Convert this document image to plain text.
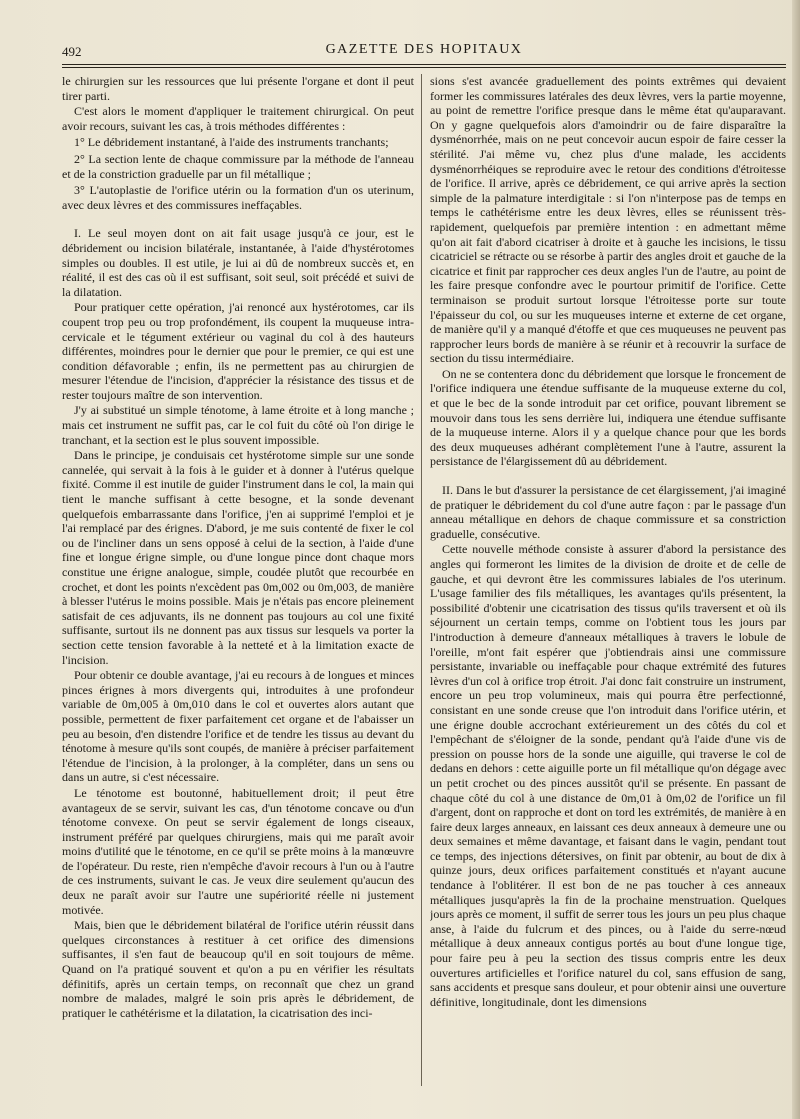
492	GAZETTE DES HOPITAUX

le chirurgien sur les ressources que lui présente l'organe et dont il peut tirer parti.

C'est alors le moment d'appliquer le traitement chirurgical. On peut avoir recours, suivant les cas, à trois méthodes différentes :

1° Le débridement instantané, à l'aide des instruments tranchants;

2° La section lente de chaque commissure par la méthode de l'anneau et de la constriction graduelle par un fil métallique ;

3° L'autoplastie de l'orifice utérin ou la formation d'un os uterinum, avec deux lèvres et des commissures ineffaçables.

I. Le seul moyen dont on ait fait usage jusqu'à ce jour, est le débridement ou incision bilatérale, instantanée, à l'aide d'hystérotomes simples ou doubles. Il est utile, je lui ai dû de nombreux succès et, en réalité, il est des cas où il est suffisant, soit seul, soit précédé et suivi de la dilatation.

Pour pratiquer cette opération, j'ai renoncé aux hystérotomes, car ils coupent trop peu ou trop profondément, ils coupent la muqueuse intra-cervicale et le tégument extérieur ou vaginal du col à des hauteurs différentes, moindres pour le dernier que pour le premier, ce qui est une condition défavorable ; enfin, ils ne permettent pas au chirurgien de mesurer l'étendue de l'incision, d'apprécier la résistance des tissus et de rester toujours maître de son intervention.

J'y ai substitué un simple ténotome, à lame étroite et à long manche ; mais cet instrument ne suffit pas, car le col fuit du côté où l'on dirige le tranchant, et la section est le plus souvent impossible.

Dans le principe, je conduisais cet hystérotome simple sur une sonde cannelée, qui servait à la fois à le guider et à donner à l'utérus quelque fixité. Comme il est inutile de guider l'instrument dans le col, la main qui tient le manche suffisant à cette besogne, et la sonde devenant quelquefois embarrassante dans l'orifice, j'en ai supprimé l'emploi et je l'ai remplacé par des érignes. D'abord, je me suis contenté de fixer le col ou de l'incliner dans un sens opposé à celui de la section, à l'aide d'une fine et longue érigne simple, ou d'une longue pince dont chaque mors constitue une érigne analogue, simple, coudée plutôt que recourbée en crochet, et dont les points n'excèdent pas 0m,002 ou 0m,003, de manière à blesser l'utérus le moins possible. Mais je n'étais pas encore pleinement satisfait de ces adjuvants, ils ne donnent pas toujours au col une fixité suffisante, surtout ils ne donnent pas aux tissus sur lesquels va porter la section cette tension favorable à la netteté et à la limitation exacte de l'incision.

Pour obtenir ce double avantage, j'ai eu recours à de longues et minces pinces érignes à mors divergents qui, introduites à une profondeur variable de 0m,005 à 0m,010 dans le col et ouvertes alors autant que possible, permettent de fixer parfaitement cet organe et de l'abaisser un peu au besoin, d'en distendre l'orifice et de tendre les tissus au devant du ténotome à mesure qu'ils sont coupés, de manière à préciser parfaitement l'étendue de l'incision, à la prolonger, à la compléter, dans un sens ou dans un autre, si c'est nécessaire.

Le ténotome est boutonné, habituellement droit; il peut être avantageux de se servir, suivant les cas, d'un ténotome concave ou d'un ténotome convexe. On peut se servir également de longs ciseaux, instrument préféré par quelques chirurgiens, mais qui me paraît avoir moins d'utilité que le ténotome, en ce qu'il se prête moins à la manœuvre de l'opérateur. Du reste, rien n'empêche d'avoir recours à l'un ou à l'autre de ces instruments, suivant le cas. Je veux dire seulement qu'aucun des deux ne paraît avoir sur l'autre une supériorité réelle ni justement motivée.

Mais, bien que le débridement bilatéral de l'orifice utérin réussit dans quelques circonstances à restituer à cet orifice des dimensions suffisantes, il s'en faut de beaucoup qu'il en soit toujours de même. Quand on l'a pratiqué souvent et qu'on a pu en vérifier les résultats définitifs, après un certain temps, on reconnaît que chez un grand nombre de malades, malgré le soin pris après le débridement, de pratiquer le cathétérisme et la dilatation, la cicatrisation des inci-

sions s'est avancée graduellement des points extrêmes qui devaient former les commissures latérales des deux lèvres, vers la partie moyenne, au point de remettre l'orifice presque dans le même état qu'auparavant. On y gagne quelquefois alors d'amoindrir ou de faire disparaître la dysménorrhée, mais on ne peut concevoir aucun espoir de faire cesser la stérilité. J'ai même vu, chez plus d'une malade, les accidents dysménorrhéiques se reproduire avec le retour des conditions d'étroitesse de l'orifice. Il arrive, après ce débridement, ce qui arrive après la section simple de la palmature interdigitale : si l'on n'interpose pas de temps en temps le cathétérisme entre les deux lèvres, elles se réunissent très-rapidement, quelquefois par première intention : en admettant même qu'on ait fait d'abord cicatriser à droite et à gauche les incisions, le tissu cicatriciel se rétracte ou se résorbe à partir des angles droit et gauche de la cicatrice et finit par rapprocher ces deux angles l'un de l'autre, au point de les faire presque confondre avec le pourtour primitif de l'orifice. Cette terminaison se produit surtout lorsque l'étroitesse porte sur toute l'épaisseur du col, ou sur les muqueuses interne et externe de cet organe, de manière qu'il y a manqué d'étoffe et que ces muqueuses ne peuvent pas rapprocher leurs bords de manière à se réunir et à recouvrir la surface de section du tissu intermédiaire.

On ne se contentera donc du débridement que lorsque le froncement de l'orifice indiquera une étendue suffisante de la muqueuse externe du col, et que le bec de la sonde introduit par cet orifice, pouvant librement se mouvoir dans tous les sens derrière lui, indiquera une étendue suffisante de la muqueuse interne. Alors il y a quelque chance pour que les bords des deux muqueuses adhérant complètement l'une à l'autre, assurent la persistance de l'élargissement dû au débridement.

II. Dans le but d'assurer la persistance de cet élargissement, j'ai imaginé de pratiquer le débridement du col d'une autre façon : par le passage d'un anneau métallique en dehors de chaque commissure et sa constriction graduelle, consécutive.

Cette nouvelle méthode consiste à assurer d'abord la persistance des angles qui formeront les limites de la division de droite et de celle de gauche, et qui devront être les commissures labiales de l'os uterinum. L'usage familier des fils métalliques, les avantages qu'ils présentent, la possibilité d'obtenir une cicatrisation des tissus qu'ils traversent et où ils séjournent un certain temps, comme on l'obtient tous les jours par l'introduction à demeure d'anneaux métalliques à travers le lobule de l'oreille, m'ont fait espérer que j'obtiendrais ainsi une commissure persistante, invariable ou ineffaçable pour chaque extrémité des futures lèvres d'un col à orifice trop étroit. J'ai donc fait construire un instrument, encore un peu trop volumineux, mais qui pourra être perfectionné, consistant en une sonde creuse que l'on introduit dans l'orifice utérin, et une érigne double accrochant extérieurement un des côtés du col et l'empêchant de s'éloigner de la sonde, pendant qu'à l'aide d'une vis de pression on pousse hors de la sonde une aiguille, qui traverse le col de dedans en dehors : cette aiguille porte un fil métallique qu'on dégage avec un petit crochet ou des pinces aussitôt qu'il se présente. En passant de chaque côté du col à une distance de 0m,01 à 0m,02 de l'orifice un fil d'argent, dont on rapproche et dont on tord les extrémités, de manière à en faire deux larges anneaux, en laissant ces deux anneaux à demeure une ou deux semaines et même davantage, et faisant dans le vagin, pendant tout ce temps, des injections détersives, on finit par obtenir, au bout de dix à quinze jours, deux orifices parfaitement constitués et n'ayant aucune tendance à l'oblitérer. Il est bon de ne pas toucher à ces anneaux métalliques jusqu'après la fin de la prochaine menstruation. Quelques jours après ce moment, il suffit de serrer tous les jours un peu plus chaque anse, à l'aide du fulcrum et des pinces, ou à l'aide du serre-nœud métallique à deux anneaux contigus portés au bout d'une longue tige, pour faire peu à peu la section des tissus compris entre les deux ouvertures artificielles et l'orifice naturel du col, sans effusion de sang, sans accidents et presque sans douleur, et pour obtenir ainsi une ouverture définitive, longitudinale, dont les dimensions
